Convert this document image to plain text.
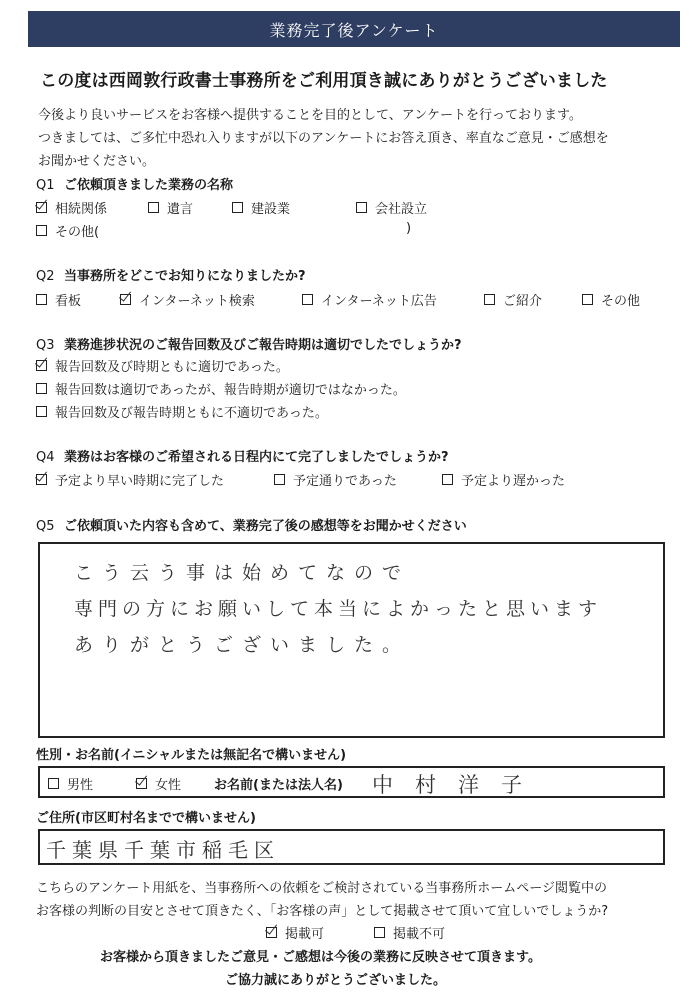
業務完了後アンケート
この度は西岡敦行政書士事務所をご利用頂き誠にありがとうございました
今後より良いサービスをお客様へ提供することを目的として、アンケートを行っております。
つきましては、ご多忙中恐れ入りますが以下のアンケートにお答え頂き、率直なご意見・ご感想を
お聞かせください。
Q1 ご依頼頂きました業務の名称
相続関係	遺言	建設業	会社設立
その他(	)
Q2 当事務所をどこでお知りになりましたか?
看板	インターネット検索	インターネット広告	ご紹介	その他
Q3 業務進捗状況のご報告回数及びご報告時期は適切でしたでしょうか?
報告回数及び時期ともに適切であった。
報告回数は適切であったが、報告時期が適切ではなかった。
報告回数及び報告時期ともに不適切であった。
Q4 業務はお客様のご希望される日程内にて完了しましたでしょうか?
予定より早い時期に完了した	予定通りであった	予定より遅かった
Q5 ご依頼頂いた内容も含めて、業務完了後の感想等をお聞かせください
こう云う事は始めてなので
専門の方にお願いして本当によかったと思います
ありがとうございました。
性別・お名前(イニシャルまたは無記名で構いません)
男性	女性	お名前(または法人名) 中村洋子
ご住所(市区町村名までで構いません)
千葉県千葉市稲毛区
こちらのアンケート用紙を、当事務所への依頼をご検討されている当事務所ホームページ閲覧中の
お客様の判断の目安とさせて頂きたく、「お客様の声」として掲載させて頂いて宜しいでしょうか?
掲載可	掲載不可
お客様から頂きましたご意見・ご感想は今後の業務に反映させて頂きます。
ご協力誠にありがとうございました。
